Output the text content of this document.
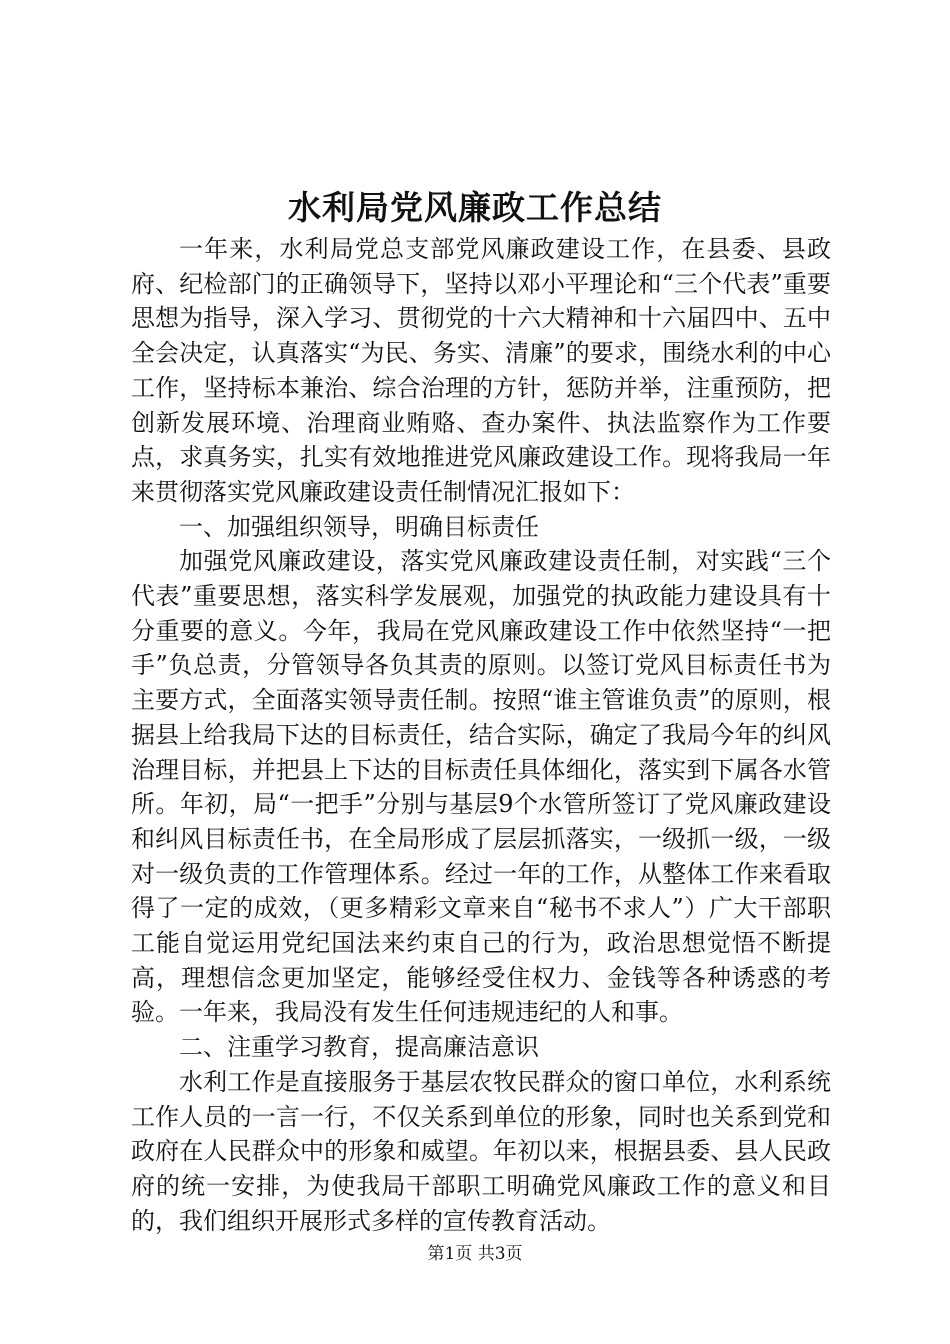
水利局党风廉政工作总结

一年来，水利局党总支部党风廉政建设工作，在县委、县政府、纪检部门的正确领导下，坚持以邓小平理论和“三个代表”重要思想为指导，深入学习、贯彻党的十六大精神和十六届四中、五中全会决定，认真落实“为民、务实、清廉”的要求，围绕水利的中心工作，坚持标本兼治、综合治理的方针，惩防并举，注重预防，把创新发展环境、治理商业贿赂、查办案件、执法监察作为工作要点，求真务实，扎实有效地推进党风廉政建设工作。现将我局一年来贯彻落实党风廉政建设责任制情况汇报如下：

一、加强组织领导，明确目标责任

加强党风廉政建设，落实党风廉政建设责任制，对实践“三个代表”重要思想，落实科学发展观，加强党的执政能力建设具有十分重要的意义。今年，我局在党风廉政建设工作中依然坚持“一把手”负总责，分管领导各负其责的原则。以签订党风目标责任书为主要方式，全面落实领导责任制。按照“谁主管谁负责”的原则，根据县上给我局下达的目标责任，结合实际，确定了我局今年的纠风治理目标，并把县上下达的目标责任具体细化，落实到下属各水管所。年初，局“一把手”分别与基层9个水管所签订了党风廉政建设和纠风目标责任书，在全局形成了层层抓落实，一级抓一级，一级对一级负责的工作管理体系。经过一年的工作，从整体工作来看取得了一定的成效，（更多精彩文章来自“秘书不求人”）广大干部职工能自觉运用党纪国法来约束自己的行为，政治思想觉悟不断提高，理想信念更加坚定，能够经受住权力、金钱等各种诱惑的考验。一年来，我局没有发生任何违规违纪的人和事。

二、注重学习教育，提高廉洁意识

水利工作是直接服务于基层农牧民群众的窗口单位，水利系统工作人员的一言一行，不仅关系到单位的形象，同时也关系到党和政府在人民群众中的形象和威望。年初以来，根据县委、县人民政府的统一安排，为使我局干部职工明确党风廉政工作的意义和目的，我们组织开展形式多样的宣传教育活动。

第1页 共3页
